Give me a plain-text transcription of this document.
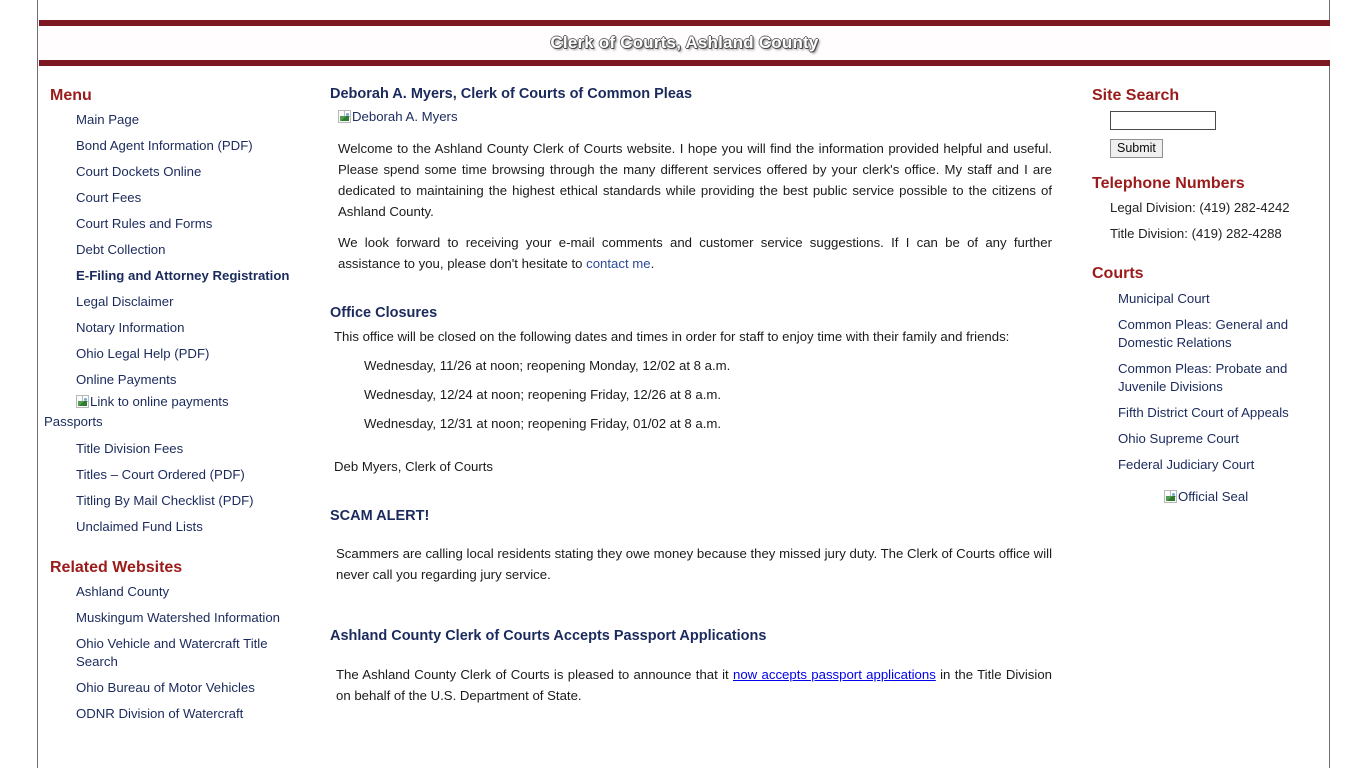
Clerk of Courts, Ashland County
Menu
Main Page
Bond Agent Information (PDF)
Court Dockets Online
Court Fees
Court Rules and Forms
Debt Collection
E-Filing and Attorney Registration
Legal Disclaimer
Notary Information
Ohio Legal Help (PDF)
Online Payments
Link to online payments
Passports
Title Division Fees
Titles – Court Ordered (PDF)
Titling By Mail Checklist (PDF)
Unclaimed Fund Lists
Related Websites
Ashland County
Muskingum Watershed Information
Ohio Vehicle and Watercraft Title Search
Ohio Bureau of Motor Vehicles
ODNR Division of Watercraft
Deborah A. Myers, Clerk of Courts of Common Pleas
Deborah A. Myers

Welcome to the Ashland County Clerk of Courts website. I hope you will find the information provided helpful and useful. Please spend some time browsing through the many different services offered by your clerk's office. My staff and I are dedicated to maintaining the highest ethical standards while providing the best public service possible to the citizens of Ashland County.

We look forward to receiving your e-mail comments and customer service suggestions. If I can be of any further assistance to you, please don't hesitate to contact me.

Office Closures

This office will be closed on the following dates and times in order for staff to enjoy time with their family and friends:

Wednesday, 11/26 at noon; reopening Monday, 12/02 at 8 a.m.

Wednesday, 12/24 at noon; reopening Friday, 12/26 at 8 a.m.

Wednesday, 12/31 at noon; reopening Friday, 01/02 at 8 a.m.

Deb Myers, Clerk of Courts

SCAM ALERT!

Scammers are calling local residents stating they owe money because they missed jury duty. The Clerk of Courts office will never call you regarding jury service.

Ashland County Clerk of Courts Accepts Passport Applications

The Ashland County Clerk of Courts is pleased to announce that it now accepts passport applications in the Title Division on behalf of the U.S. Department of State.

Site Search
Submit
Telephone Numbers
Legal Division: (419) 282-4242
Title Division: (419) 282-4288
Courts
Municipal Court
Common Pleas: General and Domestic Relations
Common Pleas: Probate and Juvenile Divisions
Fifth District Court of Appeals
Ohio Supreme Court
Federal Judiciary Court
Official Seal
